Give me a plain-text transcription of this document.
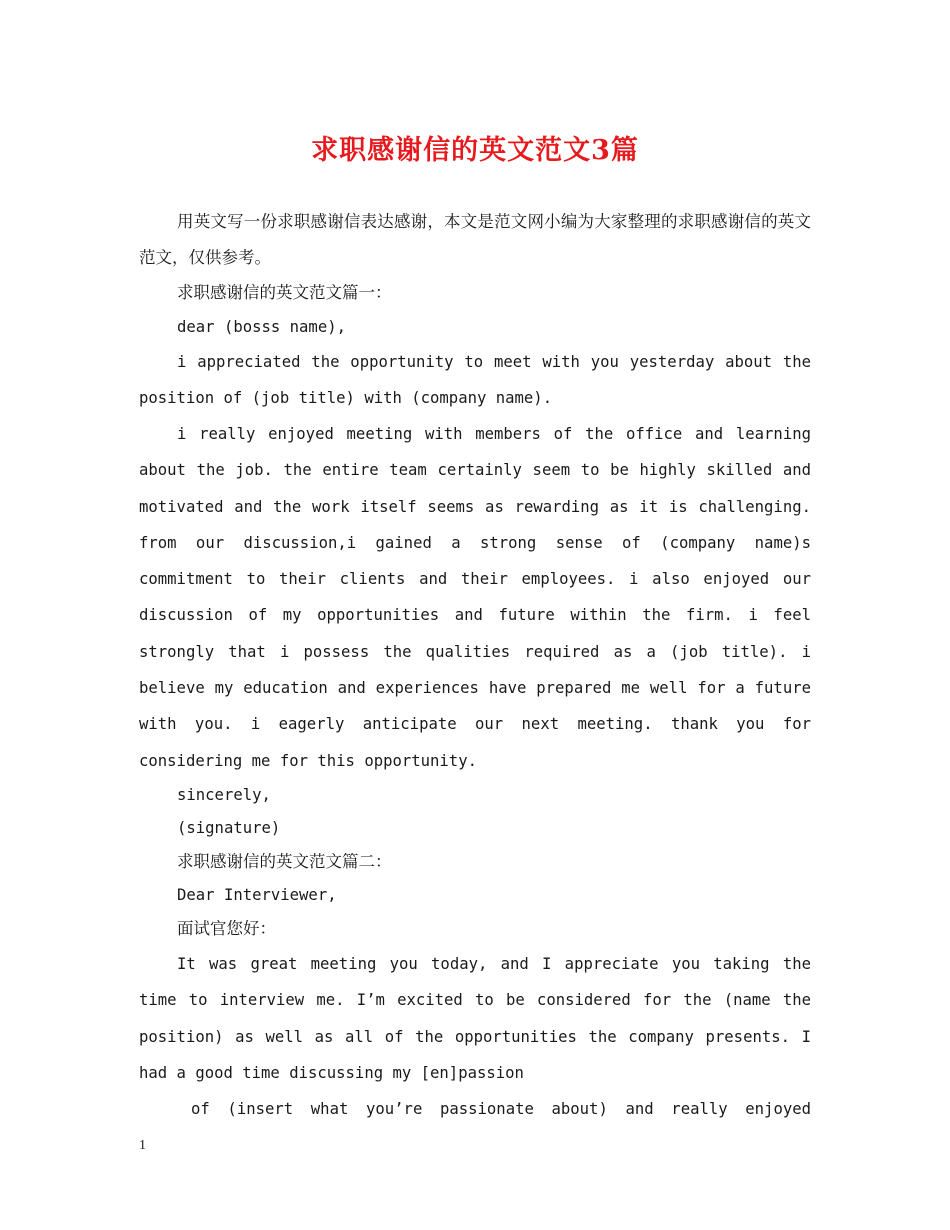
求职感谢信的英文范文3篇

用英文写一份求职感谢信表达感谢，本文是范文网小编为大家整理的求职感谢信的英文范文，仅供参考。

求职感谢信的英文范文篇一：

dear (bosss name),

i appreciated the opportunity to meet with you yesterday about the position of (job title) with (company name).

i really enjoyed meeting with members of the office and learning about the job. the entire team certainly seem to be highly skilled and motivated and the work itself seems as rewarding as it is challenging. from our discussion,i gained a strong sense of (company name)s commitment to their clients and their employees. i also enjoyed our discussion of my opportunities and future within the firm. i feel strongly that i possess the qualities required as a (job title). i believe my education and experiences have prepared me well for a future with you. i eagerly anticipate our next meeting. thank you for considering me for this opportunity.

sincerely,

(signature)

求职感谢信的英文范文篇二：

Dear Interviewer,

面试官您好：

It was great meeting you today, and I appreciate you taking the time to interview me. I’m excited to be considered for the (name the position) as well as all of the opportunities the company presents. I had a good time discussing my [en]passion

of (insert what you’re passionate about) and really enjoyed

1
